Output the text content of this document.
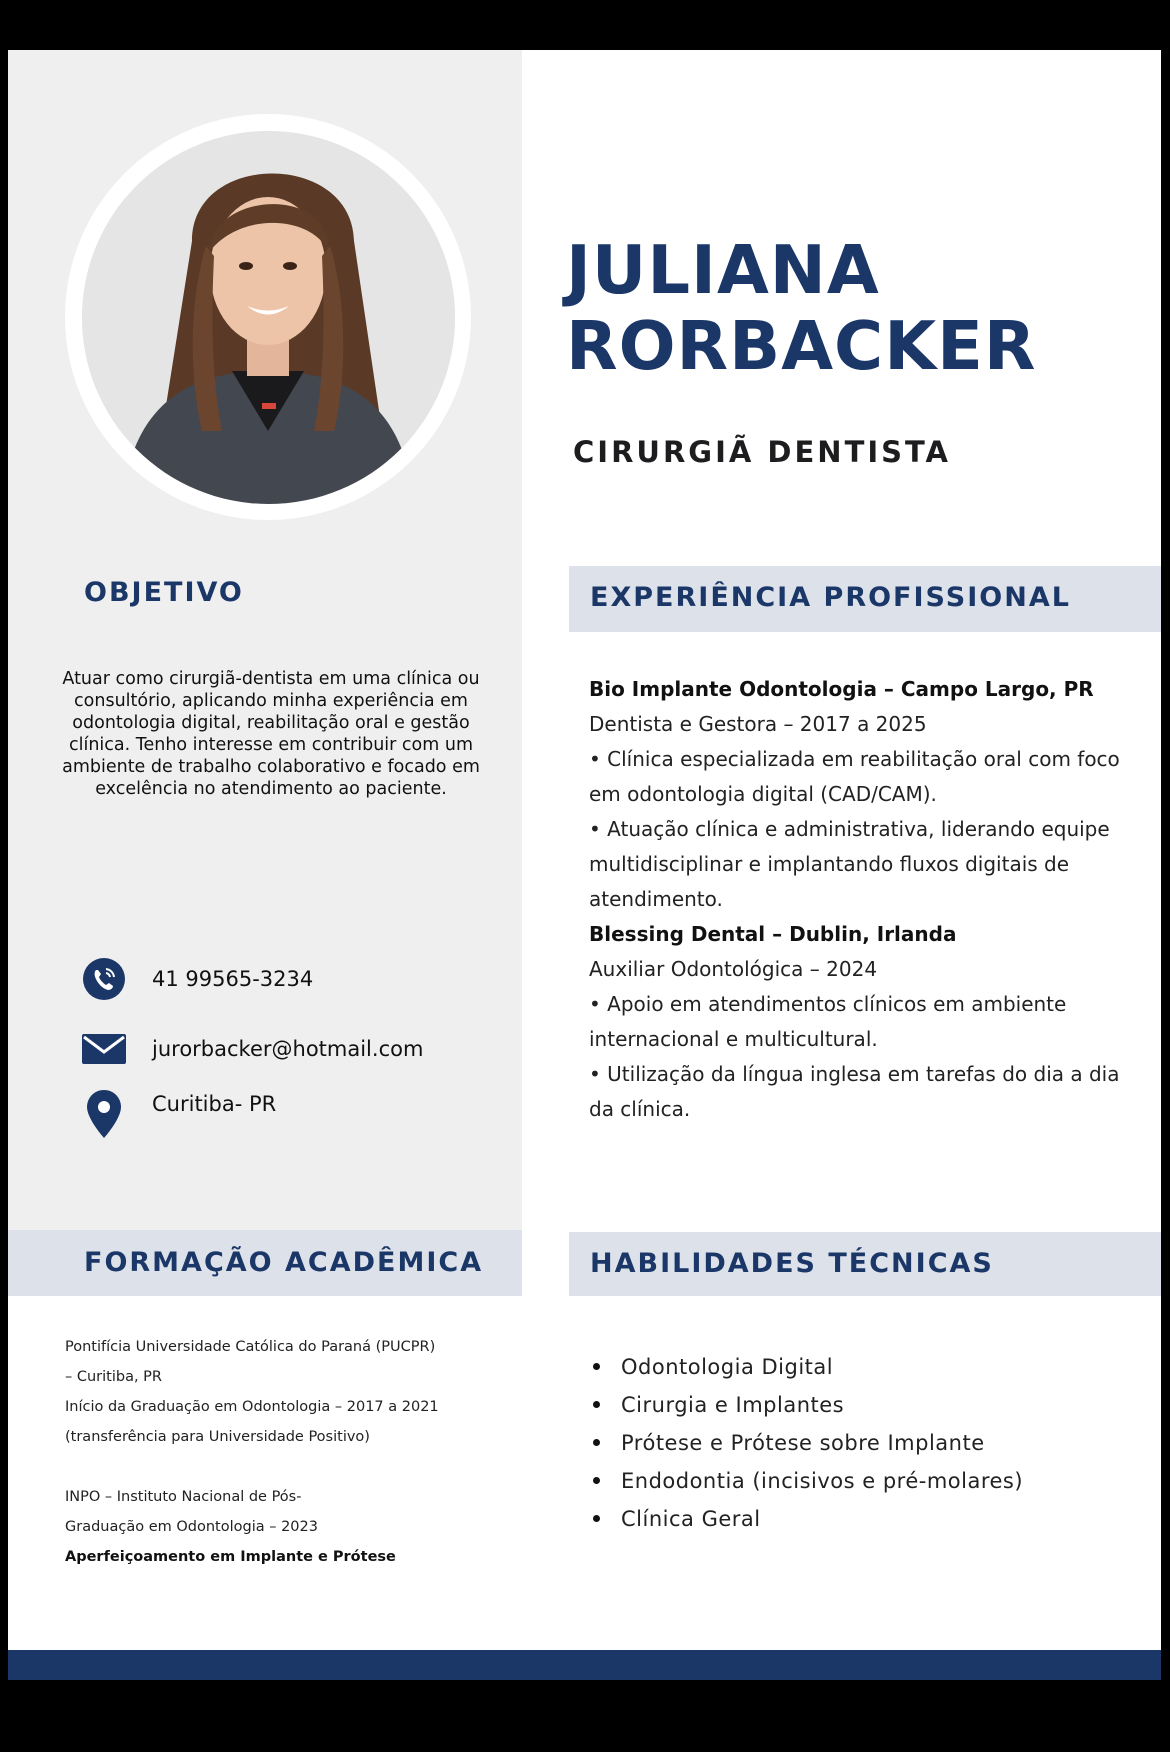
JULIANA
RORBACKER
CIRURGIÃ DENTISTA
OBJETIVO
Atuar como cirurgiã-dentista em uma clínica ou consultório, aplicando minha experiência em odontologia digital, reabilitação oral e gestão clínica. Tenho interesse em contribuir com um ambiente de trabalho colaborativo e focado em excelência no atendimento ao paciente.
41 99565-3234
jurorbacker@hotmail.com
Curitiba- PR
EXPERIÊNCIA PROFISSIONAL

Bio Implante Odontologia – Campo Largo, PR

Dentista e Gestora – 2017 a 2025

• Clínica especializada em reabilitação oral com foco em odontologia digital (CAD/CAM).

• Atuação clínica e administrativa, liderando equipe multidisciplinar e implantando fluxos digitais de atendimento.

Blessing Dental – Dublin, Irlanda

Auxiliar Odontológica – 2024

• Apoio em atendimentos clínicos em ambiente internacional e multicultural.

• Utilização da língua inglesa em tarefas do dia a dia da clínica.

FORMAÇÃO ACADÊMICA

Pontifícia Universidade Católica do Paraná (PUCPR)

– Curitiba, PR

Início da Graduação em Odontologia – 2017 a 2021

(transferência para Universidade Positivo)

INPO – Instituto Nacional de Pós-

Graduação em Odontologia – 2023

Aperfeiçoamento em Implante e Prótese

HABILIDADES TÉCNICAS
Odontologia Digital
Cirurgia e Implantes
Prótese e Prótese sobre Implante
Endodontia (incisivos e pré-molares)
Clínica Geral
